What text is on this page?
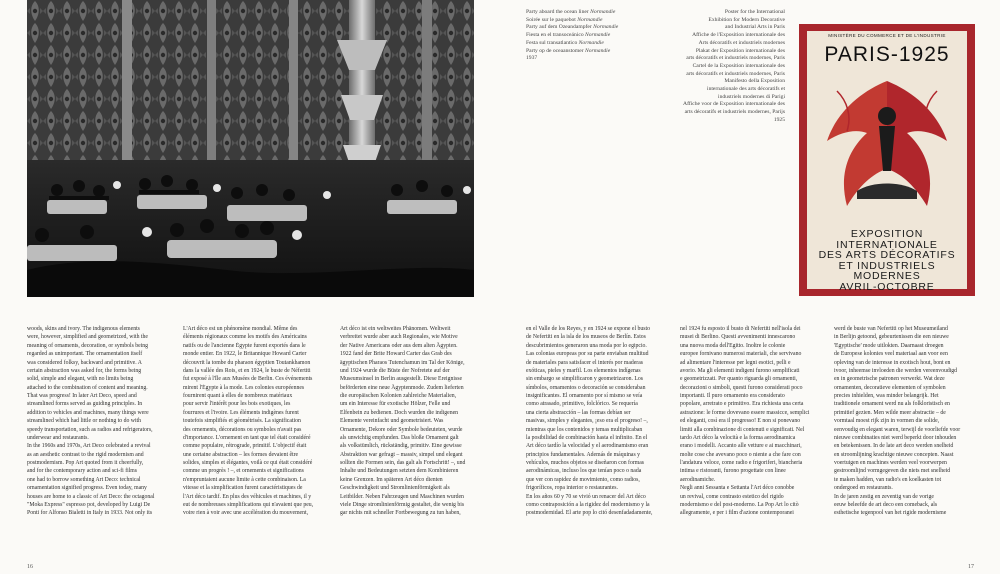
Party aboard the ocean liner Normandie
Soirée sur le paquebot Normandie
Party auf dem Ozeandampfer Normandie
Fiesta en el transoceánico Normandie
Festa sul transatlantico Normandie
Party op de oceaanstomer Normandie
1937
Poster for the International
Exhibition for Modern Decorative
and Industrial Arts in Paris
Affiche de l'Exposition internationale des
Arts décoratifs et industriels modernes
Plakat der Exposition internationale des
arts décoratifs et industriels modernes, Paris
Cartel de la Exposition internationale des
arts décoratifs et industriels modernes, Paris
Manifesto della Exposition
internationale des arts décoratifs et
industriels modernes di Parigi
Affiche voor de Exposition internationale des
arts décoratifs et industriels modernes, Parijs
1925
MINISTÈRE DU COMMERCE ET DE L'INDUSTRIE
PARIS-1925
EXPOSITION
INTERNATIONALE
DES ARTS DÉCORATIFS
ET INDUSTRIELS
MODERNES
AVRIL-OCTOBRE
woods, skins and ivory. The indigenous elements
were, however, simplified and geometrized, with the
meaning of ornaments, decoration, or symbols being
regarded as unimportant. The ornamentation itself
was considered folksy, backward and primitive. A
certain abstraction was asked for, the forms being
solid, simple and elegant, with no limits being
attached to the combination of content and meaning.
That was progress! In later Art Deco, speed and
streamlined forms served as guiding principles. In
addition to vehicles and machines, many things were
streamlined which had little or nothing to do with
speedy transportation, such as radios and refrigerators,
underwear and restaurants.
In the 1960s and 1970s, Art Deco celebrated a revival
as an aesthetic contrast to the rigid modernism and
postmodernism. Pop Art quoted from it cheerfully,
and for the contemporary action and sci-fi films
one had to borrow something Art Deco: technical
ornamentation signified progress. Even today, many
houses are home to a classic of Art Deco: the octagonal
"Moka Express" espresso pot, developed by Luigi De
Ponti for Alfonso Bialetti in Italy in 1933. Not only its
L'Art déco est un phénomène mondial. Même des
éléments régionaux comme les motifs des Américains
natifs ou de l'ancienne Égypte furent exportés dans le
monde entier. En 1922, le Britannique Howard Carter
découvrit la tombe du pharaon égyptien Toutankhamon
dans la vallée des Rois, et en 1924, le buste de Néfertiti
fut exposé à l'Île aux Musées de Berlin. Ces événements
mirent l'Égypte à la mode. Les colonies européennes
fournirent quant à elles de nombreux matériaux
pour servir l'intérêt pour les bois exotiques, les
fourrures et l'ivoire. Les éléments indigènes furent
toutefois simplifiés et géométrisés. La signification
des ornements, décorations ou symboles n'avait pas
d'importance. L'ornement en tant que tel était considéré
comme populaire, rétrograde, primitif. L'objectif était
une certaine abstraction – les formes devaient être
solides, simples et élégantes, voilà ce qui était considéré
comme un progrès ! –, et ornements et significations
n'empruntaient aucune limite à cette combinaison. La
vitesse et la simplification furent caractéristiques de
l'Art déco tardif. En plus des véhicules et machines, il y
eut de nombreuses simplifications qui n'avaient que peu,
voire rien à voir avec une accélération du mouvement,
Art déco ist ein weltweites Phänomen. Weltweit
verbreitet wurde aber auch Regionales, wie Motive
der Native Americans oder aus dem alten Ägypten.
1922 fand der Brite Howard Carter das Grab des
ägyptischen Pharaos Tutenchamun im Tal der Könige,
und 1924 wurde die Büste der Nofretete auf der
Museumsinsel in Berlin ausgestellt. Diese Ereignisse
beförderten eine neue Ägyptenmode. Zudem lieferten
die europäischen Kolonien zahlreiche Materialien,
um ein Interesse für exotische Hölzer, Felle und
Elfenbein zu bedienen. Doch wurden die indigenen
Elemente vereinfacht und geometrisiert. Was
Ornamente, Dekore oder Symbole bedeuteten, wurde
als unwichtig empfunden. Das bloße Ornament galt
als volkstümlich, rückständig, primitiv. Eine gewisse
Abstraktion war gefragt – massiv, simpel und elegant
sollten die Formen sein, das galt als Fortschritt! –, und
Inhalte und Bedeutungen setzten dem Kombinieren
keine Grenzen. Im späteren Art déco dienten
Geschwindigkeit und Stromlinienförmigkeit als
Leitbilder. Neben Fahrzeugen und Maschinen wurden
viele Dinge stromlinienförmig gestaltet, die wenig bis
gar nichts mit schneller Fortbewegung zu tun haben,
en el Valle de los Reyes, y en 1924 se expone el busto
de Nefertiti en la isla de los museos de Berlín. Estos
descubrimientos generaron una moda por lo egipcio.
Las colonias europeas por su parte enviaban multitud
de materiales para satisfacer el interés por maderas
exóticas, pieles y marfil. Los elementos indígenas
sin embargo se simplificaron y geometrizaron. Los
símbolos, ornamentos o decoración se consideraban
insignificantes. El ornamento por sí mismo se veía
como atrasado, primitivo, folclórico. Se requería
una cierta abstracción – las formas debían ser
masivas, simples y elegantes, ¡eso era el progreso! –,
mientras que los contenidos y temas multiplicaban
la posibilidad de combinación hasta el infinito. En el
Art déco tardío la velocidad y el aerodinamismo eran
principios fundamentales. Además de máquinas y
vehículos, muchos objetos se diseñaron con formas
aerodinámicas, incluso los que tenían poco o nada
que ver con rapidez de movimiento, como radios,
frigoríficos, ropa interior o restaurantes.
En los años 60 y 70 se vivió un renacer del Art déco
como contraposición a la rigidez del modernismo y la
postmodernidad. El arte pop lo citó desenfadadamente,
nel 1924 fu esposto il busto di Nefertiti nell'isola dei
musei di Berlino. Questi avvenimenti innescarono
una nuova moda dell'Egitto. Inoltre le colonie
europee fornivano numerosi materiali, che servivano
ad alimentare l'interesse per legni esotici, pelli e
avorio. Ma gli elementi indigeni furono semplificati
e geometrizzati. Per quanto riguarda gli ornamenti,
decorazioni o simboli, questi furono considerati poco
importanti. Il puro ornamento era considerato
popolare, arretrato e primitivo. Era richiesta una certa
astrazione: le forme dovevano essere massicce, semplici
ed eleganti, così era il progresso! E non si ponevano
limiti alla combinazione di contenuti e significati. Nel
tardo Art déco la velocità e la forma aerodinamica
erano i modelli. Accanto alle vetture e ai macchinari,
molte cose che avevano poco o niente a che fare con
l'andatura veloce, come radio e frigoriferi, biancheria
intima e ristoranti, furono progettate con linee
aerodinamiche.
Negli anni Sessanta e Settanta l'Art déco conobbe
un revival, come contrasto estetico del rigido
modernismo e del post-moderno. La Pop Art lo citò
allegramente, e per i film d'azione contemporanei
werd de buste van Nefertiti op het Museumeiland
in Berlijn getoond, gebeurtenissen die een nieuwe
'Egyptische' mode uitlokten. Daarnaast droegen
de Europese kolonies veel materiaal aan voor een
opleving van de interesse in exotisch hout, bont en
ivoor, inheemse invloeden die werden vereenvoudigd
en in geometrische patronen verwerkt. Wat deze
ornamenten, decoratieve elementen of symbolen
precies inhielden, was minder belangrijk. Het
traditionele ornament werd nu als folkloristisch en
primitief gezien. Men wilde meer abstractie – de
vormtaal moest rijk zijn in vormen die solide,
eenvoudig en elegant waren, terwijl de voorliefde voor
nieuwe combinaties niet werd beperkt door inhouden
en betekenissen. In de late art deco werden snelheid
en stroomlijning krachtige nieuwe concepten. Naast
voertuigen en machines werden veel voorwerpen
gestroomlijnd vormgegeven die niets met snelheid
te maken hadden, van radio's en koelkasten tot
ondergoed en restaurants.
In de jaren zestig en zeventig van de vorige
eeuw beleefde de art deco een comeback, als
esthetische tegenpool van het rigide modernisme
16	17
